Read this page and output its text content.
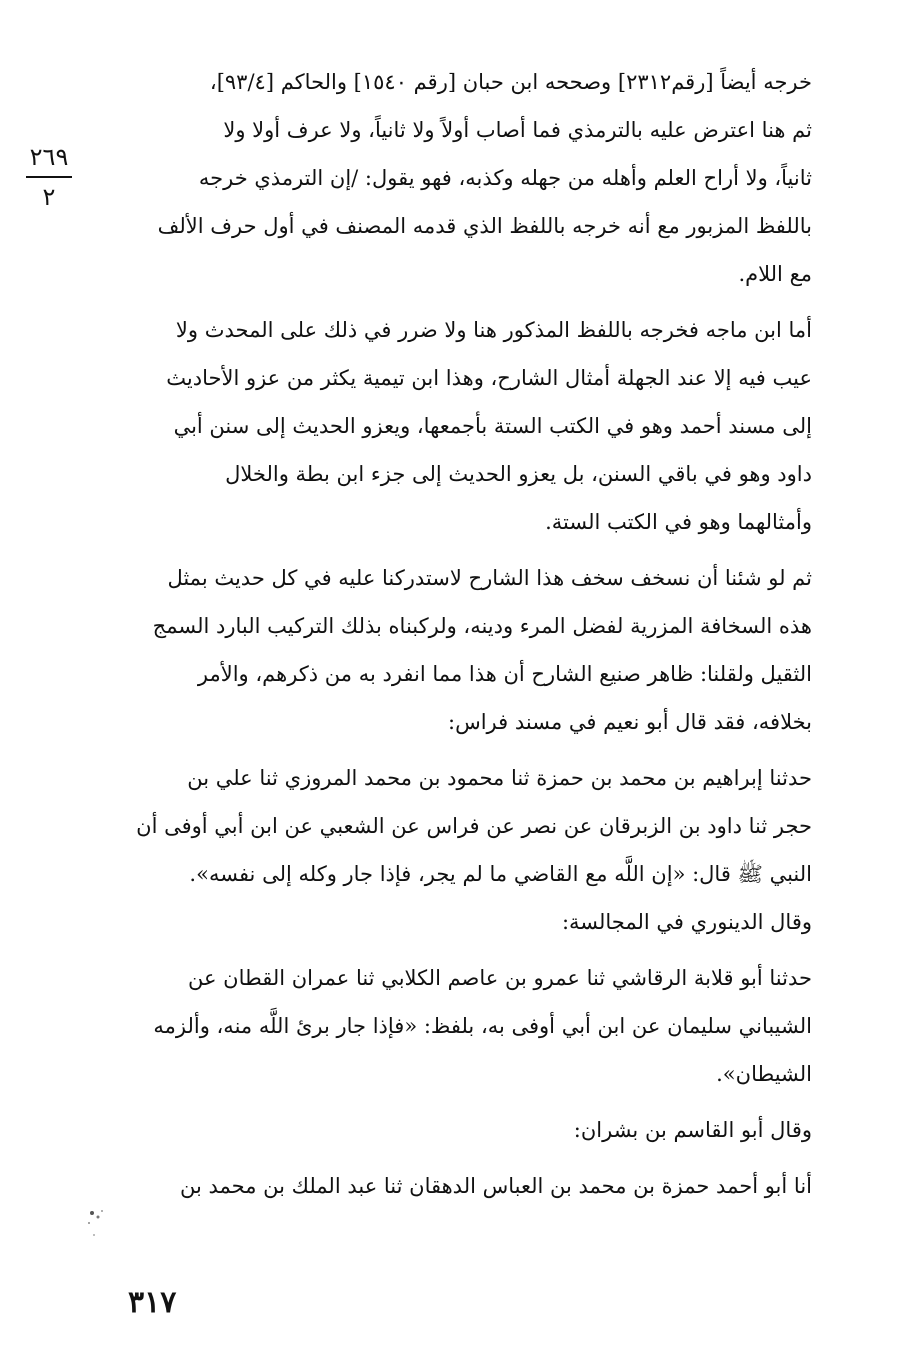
٢٦٩
٢
خرجه أيضاً [رقم٢٣١٢] وصححه ابن حبان [رقم ١٥٤٠] والحاكم [٩٣/٤]،
ثم هنا اعترض عليه بالترمذي فما أصاب أولاً ولا ثانياً، ولا عرف أولا ولا
ثانياً، ولا أراح العلم وأهله من جهله وكذبه، فهو يقول: /إن الترمذي خرجه
باللفظ المزبور مع أنه خرجه باللفظ الذي قدمه المصنف في أول حرف الألف
مع اللام.
أما ابن ماجه فخرجه باللفظ المذكور هنا ولا ضرر في ذلك على المحدث ولا
عيب فيه إلا عند الجهلة أمثال الشارح، وهذا ابن تيمية يكثر من عزو الأحاديث
إلى مسند أحمد وهو في الكتب الستة بأجمعها، ويعزو الحديث إلى سنن أبي
داود وهو في باقي السنن، بل يعزو الحديث إلى جزء ابن بطة والخلال
وأمثالهما وهو في الكتب الستة.
ثم لو شئنا أن نسخف سخف هذا الشارح لاستدركنا عليه في كل حديث بمثل
هذه السخافة المزرية لفضل المرء ودينه، ولركبناه بذلك التركيب البارد السمج
الثقيل ولقلنا: ظاهر صنيع الشارح أن هذا مما انفرد به من ذكرهم، والأمر
بخلافه، فقد قال أبو نعيم في مسند فراس:
حدثنا إبراهيم بن محمد بن حمزة ثنا محمود بن محمد المروزي ثنا علي بن
حجر ثنا داود بن الزبرقان عن نصر عن فراس عن الشعبي عن ابن أبي أوفى أن
النبي ﷺ قال: «إن اللَّه مع القاضي ما لم يجر، فإذا جار وكله إلى نفسه».
وقال الدينوري في المجالسة:
حدثنا أبو قلابة الرقاشي ثنا عمرو بن عاصم الكلابي ثنا عمران القطان عن
الشيباني سليمان عن ابن أبي أوفى به، بلفظ: «فإذا جار برئ اللَّه منه، وألزمه
الشيطان».
وقال أبو القاسم بن بشران:
أنا أبو أحمد حمزة بن محمد بن العباس الدهقان ثنا عبد الملك بن محمد بن
٣١٧
